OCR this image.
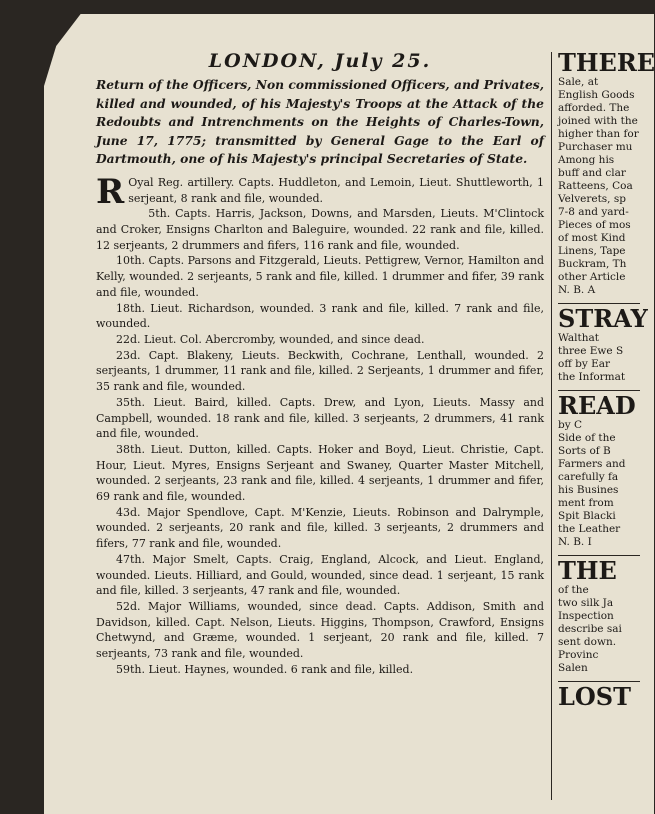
LONDON, July 25.

Return of the Officers, Non commissioned Officers, and Privates, killed and wounded, of his Majesty's Troops at the Attack of the Redoubts and Intrenchments on the Heights of Charles-Town, June 17, 1775; transmitted by General Gage to the Earl of Dartmouth, one of his Majesty's principal Secretaries of State.

R Oyal Reg. artillery. Capts. Huddleton, and Lemoin, Lieut. Shuttleworth, 1 serjeant, 8 rank and file, wounded.

5th. Capts. Harris, Jackson, Downs, and Marsden, Lieuts. M'Clintock and Croker, Ensigns Charlton and Baleguire, wounded. 22 rank and file, killed. 12 serjeants, 2 drummers and fifers, 116 rank and file, wounded.

10th. Capts. Parsons and Fitzgerald, Lieuts. Pettigrew, Vernor, Hamilton and Kelly, wounded. 2 serjeants, 5 rank and file, killed. 1 drummer and fifer, 39 rank and file, wounded.

18th. Lieut. Richardson, wounded. 3 rank and file, killed. 7 rank and file, wounded.

22d. Lieut. Col. Abercromby, wounded, and since dead.

23d. Capt. Blakeny, Lieuts. Beckwith, Cochrane, Lenthall, wounded. 2 serjeants, 1 drummer, 11 rank and file, killed. 2 Serjeants, 1 drummer and fifer, 35 rank and file, wounded.

35th. Lieut. Baird, killed. Capts. Drew, and Lyon, Lieuts. Massy and Campbell, wounded. 18 rank and file, killed. 3 serjeants, 2 drummers, 41 rank and file, wounded.

38th. Lieut. Dutton, killed. Capts. Hoker and Boyd, Lieut. Christie, Capt. Hour, Lieut. Myres, Ensigns Serjeant and Swaney, Quarter Master Mitchell, wounded. 2 serjeants, 23 rank and file, killed. 4 serjeants, 1 drummer and fifer, 69 rank and file, wounded.

43d. Major Spendlove, Capt. M'Kenzie, Lieuts. Robinson and Dalrymple, wounded. 2 serjeants, 20 rank and file, killed. 3 serjeants, 2 drummers and fifers, 77 rank and file, wounded.

47th. Major Smelt, Capts. Craig, England, Alcock, and Lieut. England, wounded. Lieuts. Hilliard, and Gould, wounded, since dead. 1 serjeant, 15 rank and file, killed. 3 serjeants, 47 rank and file, wounded.

52d. Major Williams, wounded, since dead. Capts. Addison, Smith and Davidson, killed. Capt. Nelson, Lieuts. Higgins, Thompson, Crawford, Ensigns Chetwynd, and Græme, wounded. 1 serjeant, 20 rank and file, killed. 7 serjeants, 73 rank and file, wounded.

59th. Lieut. Haynes, wounded. 6 rank and file, killed.

THERE
Sale, at
English Goods
afforded. The
joined with the
higher than for
Purchaser mu
Among his
buff and clar
Ratteens, Coa
Velverets, sp
7-8 and yard-
Pieces of mos
of most Kind
Linens, Tape
Buckram, Th
other Article
N. B. A
STRAY
Walthat
three Ewe S
off by Ear
the Informat
READ
by C
Side of the
Sorts of B
Farmers and
carefully fa
his Busines
ment from
Spit Blacki
the Leather
N. B. I
THE
of the
two silk Ja
Inspection
describe sai
sent down.
Provinc
Salen
LOST
